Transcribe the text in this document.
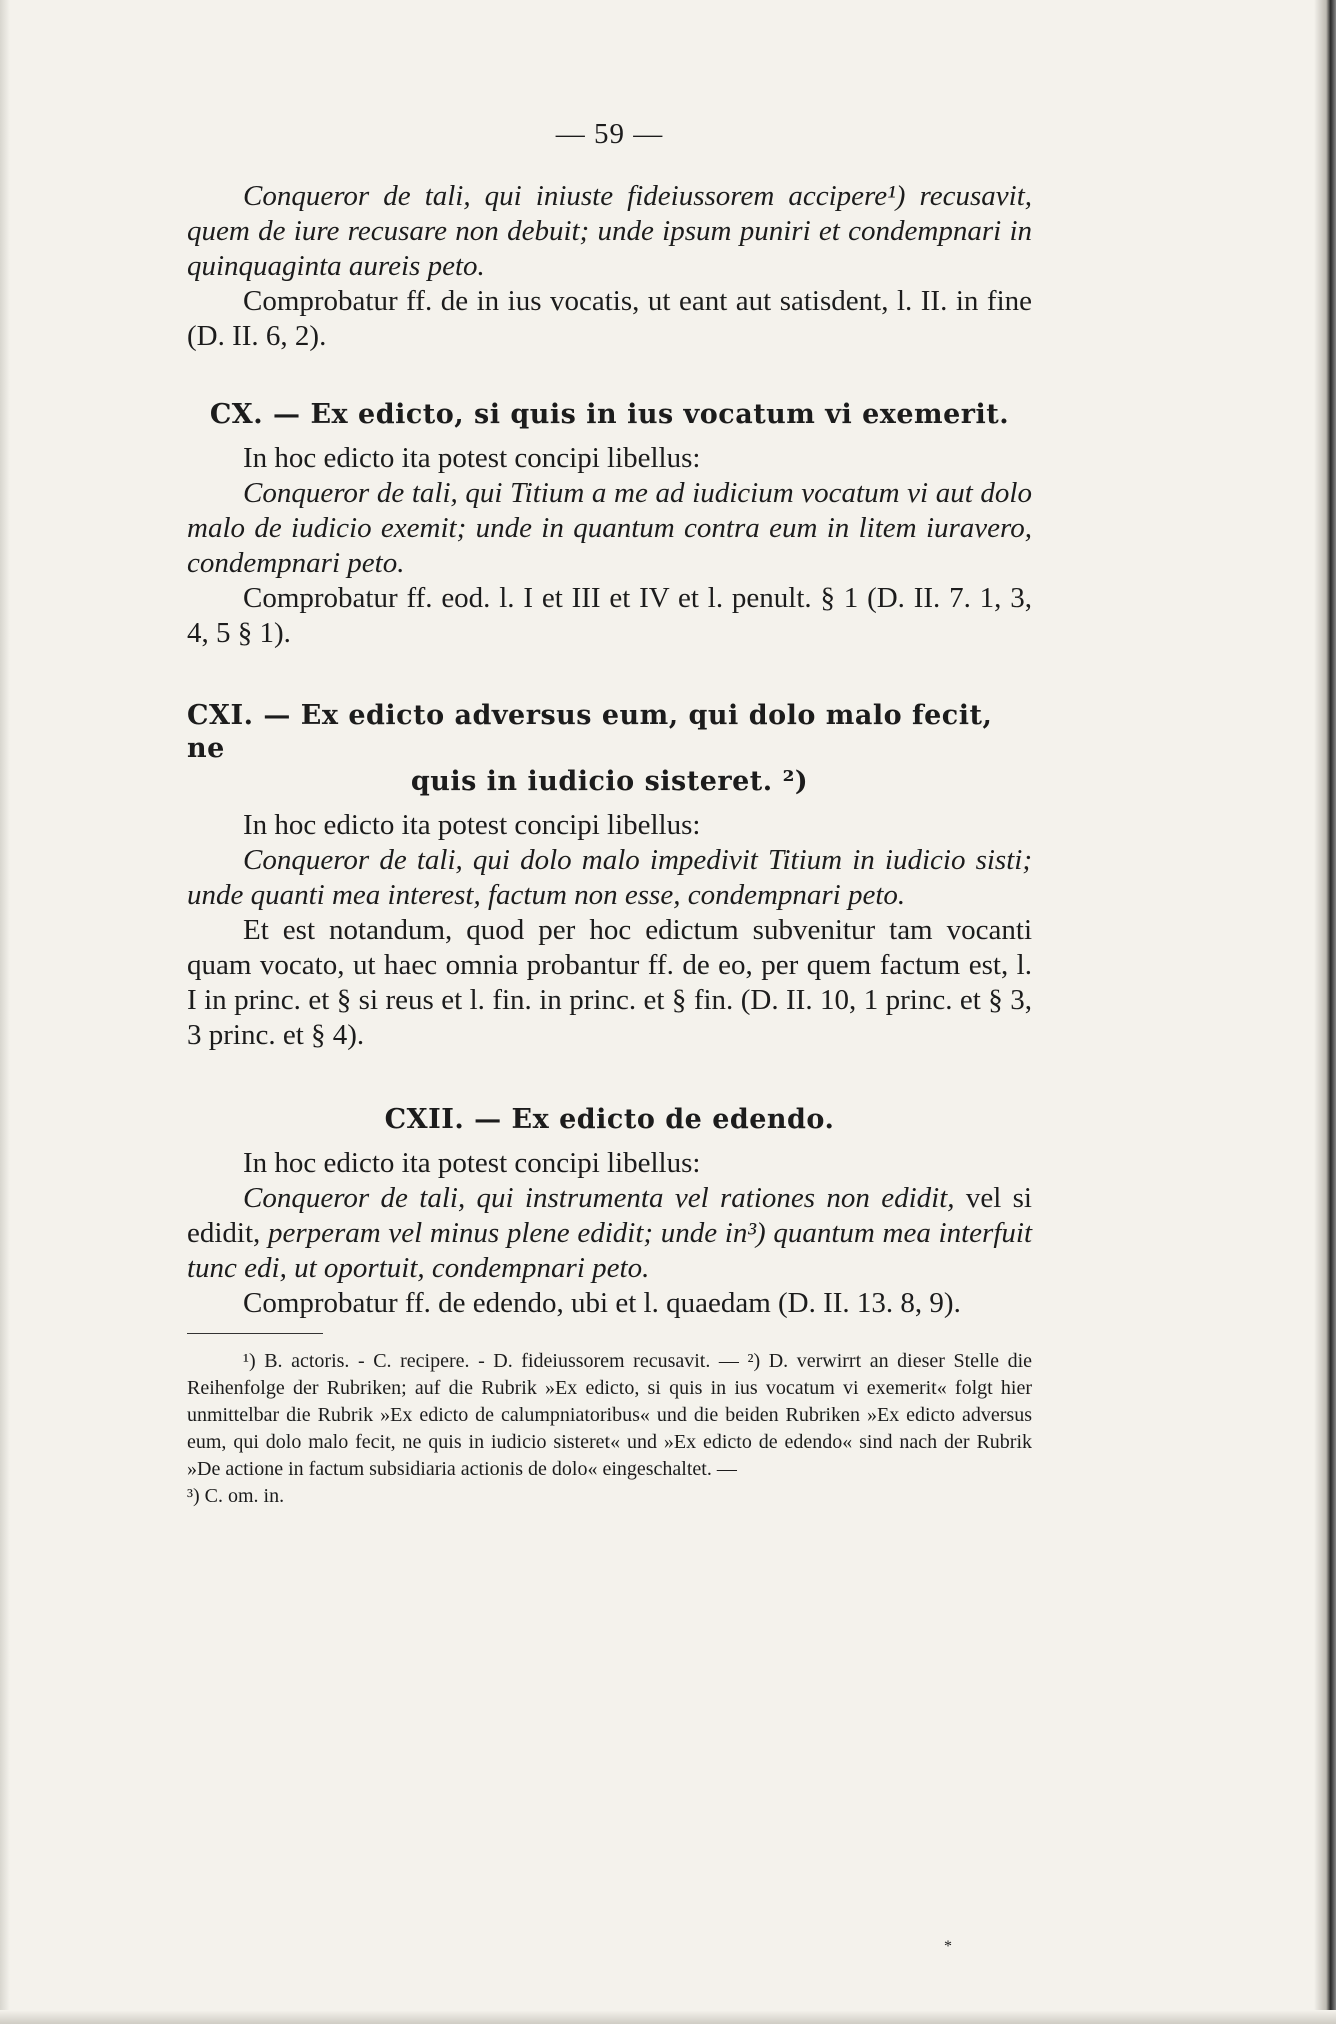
— 59 —

Conqueror de tali, qui iniuste fideiussorem accipere¹) recusavit, quem de iure recusare non debuit; unde ipsum puniri et condempnari in quinquaginta aureis peto.

Comprobatur ff. de in ius vocatis, ut eant aut satisdent, l. II. in fine (D. II. 6, 2).

CX. — Ex edicto, si quis in ius vocatum vi exemerit.

In hoc edicto ita potest concipi libellus:

Conqueror de tali, qui Titium a me ad iudicium vocatum vi aut dolo malo de iudicio exemit; unde in quantum contra eum in litem iuravero, condempnari peto.

Comprobatur ff. eod. l. I et III et IV et l. penult. § 1 (D. II. 7. 1, 3, 4, 5 § 1).

CXI. — Ex edicto adversus eum, qui dolo malo fecit, ne
quis in iudicio sisteret. ²)

In hoc edicto ita potest concipi libellus:

Conqueror de tali, qui dolo malo impedivit Titium in iudicio sisti; unde quanti mea interest, factum non esse, condempnari peto.

Et est notandum, quod per hoc edictum subvenitur tam vocanti quam vocato, ut haec omnia probantur ff. de eo, per quem factum est, l. I in princ. et § si reus et l. fin. in princ. et § fin. (D. II. 10, 1 princ. et § 3, 3 princ. et § 4).

CXII. — Ex edicto de edendo.

In hoc edicto ita potest concipi libellus:

Conqueror de tali, qui instrumenta vel rationes non edidit, vel si edidit, perperam vel minus plene edidit; unde in³) quantum mea interfuit tunc edi, ut oportuit, condempnari peto.

Comprobatur ff. de edendo, ubi et l. quaedam (D. II. 13. 8, 9).

¹) B. actoris. - C. recipere. - D. fideiussorem recusavit. — ²) D. verwirrt an dieser Stelle die Reihenfolge der Rubriken; auf die Rubrik »Ex edicto, si quis in ius vocatum vi exemerit« folgt hier unmittelbar die Rubrik »Ex edicto de calumpniatoribus« und die beiden Rubriken »Ex edicto adversus eum, qui dolo malo fecit, ne quis in iudicio sisteret« und »Ex edicto de edendo« sind nach der Rubrik »De actione in factum subsidiaria actionis de dolo« eingeschaltet. —

³) C. om. in.

*
